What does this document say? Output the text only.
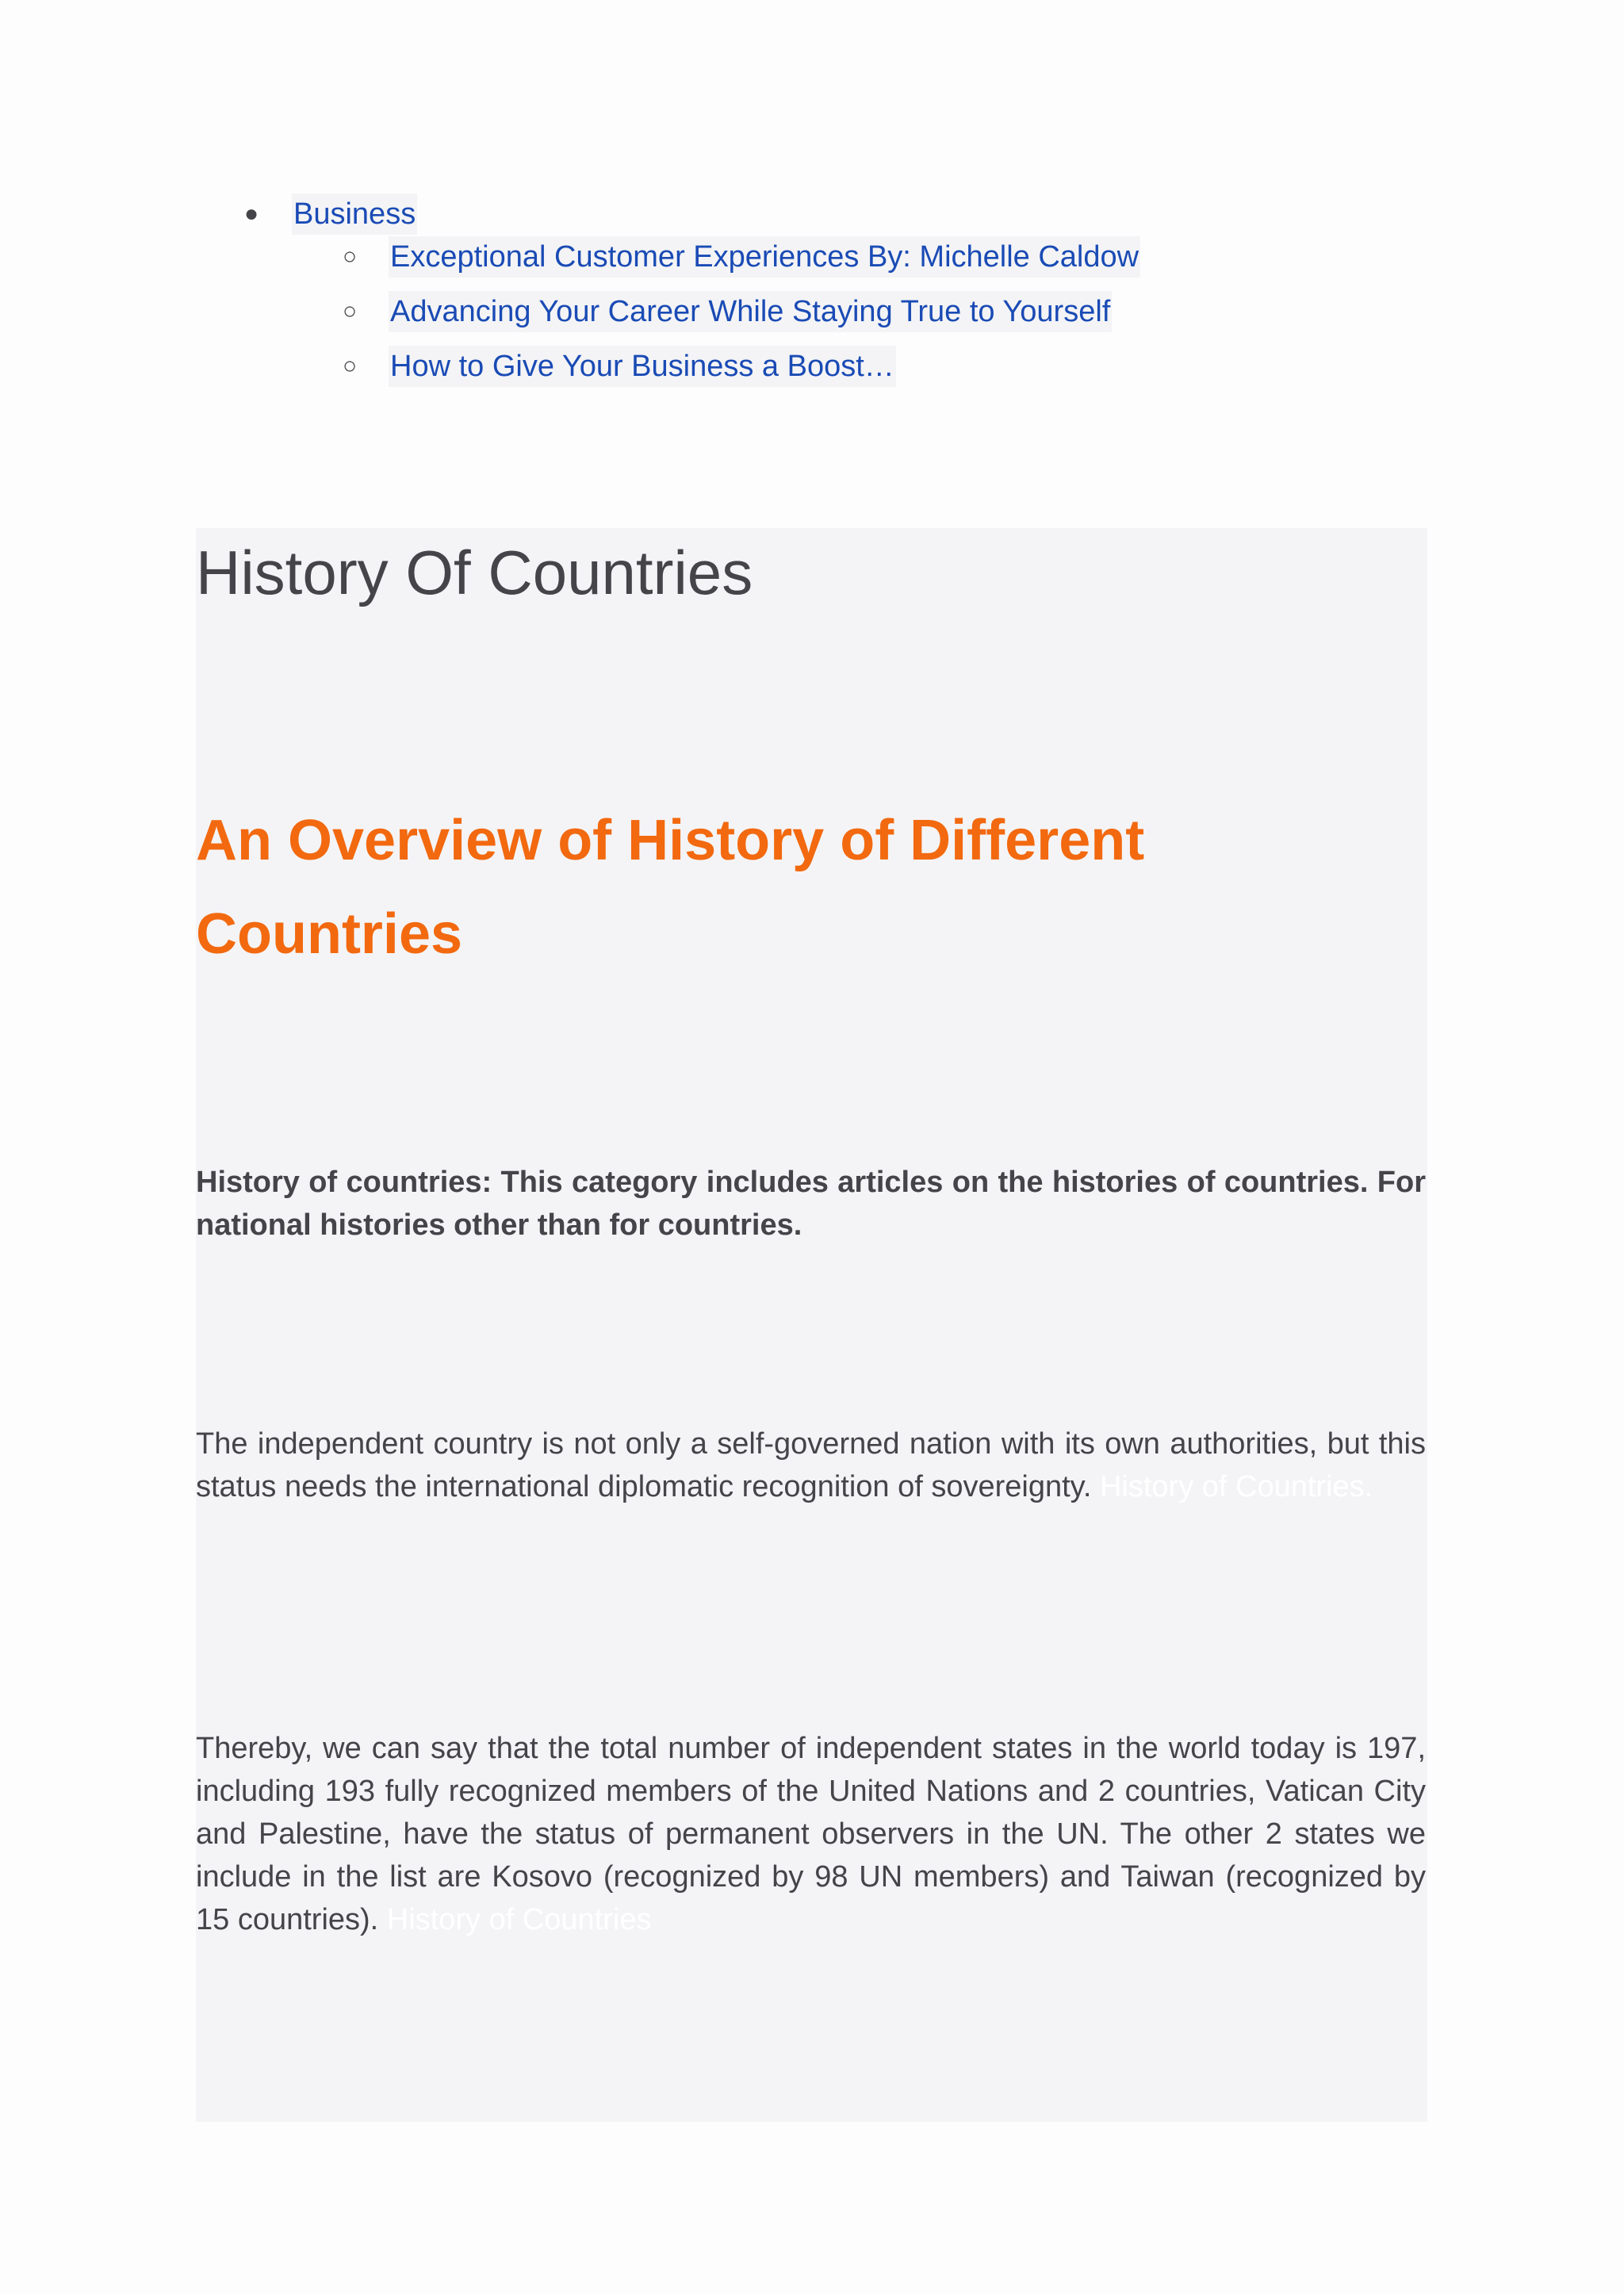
● Business
○ Exceptional Customer Experiences By: Michelle Caldow
○ Advancing Your Career While Staying True to Yourself
○ How to Give Your Business a Boost…
History Of Countries
An Overview of History of Different Countries

History of countries: This category includes articles on the histories of countries. For national histories other than for countries.

The independent country is not only a self-governed nation with its own authorities, but this status needs the international diplomatic recognition of sovereignty. History of Countries.

Thereby, we can say that the total number of independent states in the world today is 197, including 193 fully recognized members of the United Nations and 2 countries, Vatican City and Palestine, have the status of permanent observers in the UN. The other 2 states we include in the list are Kosovo (recognized by 98 UN members) and Taiwan (recognized by 15 countries). History of Countries
